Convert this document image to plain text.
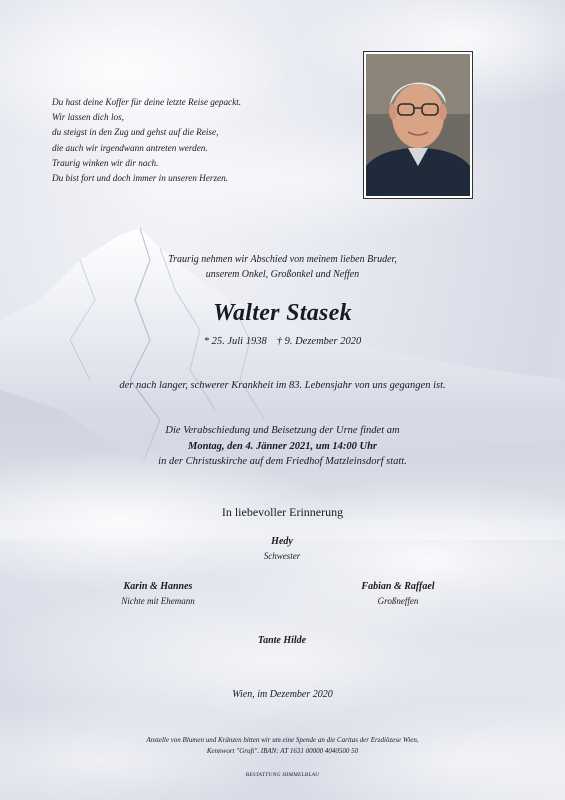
Du hast deine Koffer für deine letzte Reise gepackt.
Wir lassen dich los,
du steigst in den Zug und gehst auf die Reise,
die auch wir irgendwann antreten werden.
Traurig winken wir dir nach.
Du bist fort und doch immer in unseren Herzen.
Traurig nehmen wir Abschied von meinem lieben Bruder,
unserem Onkel, Großonkel und Neffen
Walter Stasek
* 25. Juli 1938 † 9. Dezember 2020
der nach langer, schwerer Krankheit im 83. Lebensjahr von uns gegangen ist.
Die Verabschiedung und Beisetzung der Urne findet am
Montag, den 4. Jänner 2021, um 14:00 Uhr
in der Christuskirche auf dem Friedhof Matzleinsdorf statt.
In liebevoller Erinnerung
Hedy
Schwester
Karin & Hannes
Nichte mit Ehemann
Fabian & Raffael
Großneffen
Tante Hilde
Wien, im Dezember 2020
Anstelle von Blumen und Kränzen bitten wir um eine Spende an die Caritas der Erzdiözese Wien,
Kennwort "Gruft". IBAN: AT 1631 00000 4040500 50
BESTATTUNG HIMMELBLAU
